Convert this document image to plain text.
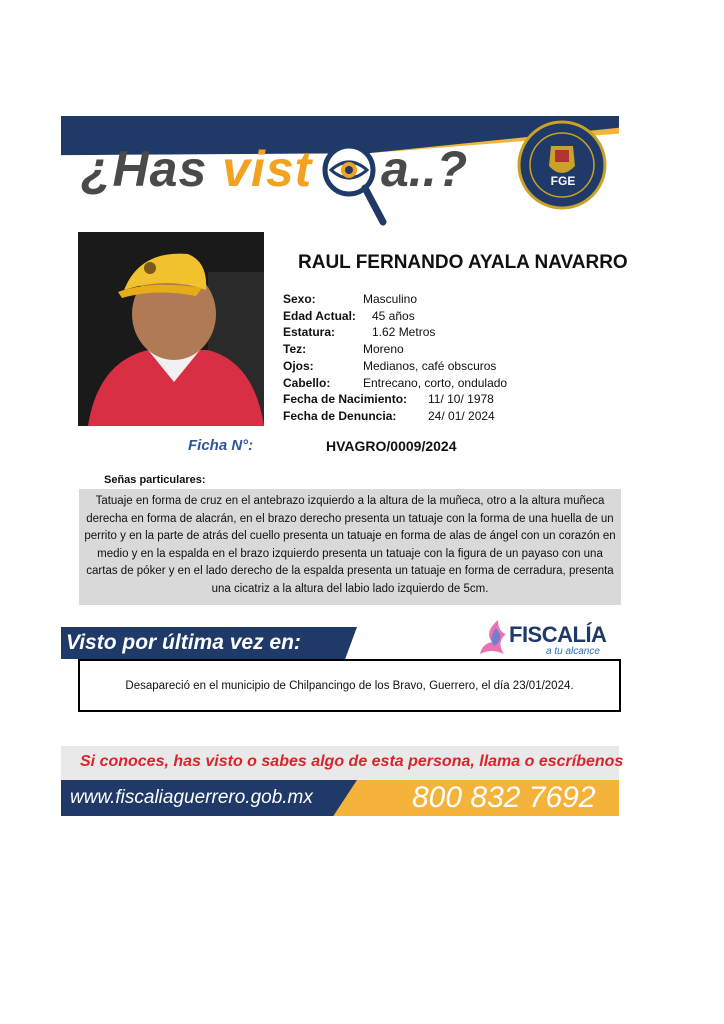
¿Has vist a..?	FGE
RAUL FERNANDO AYALA NAVARRO
Sexo:	Masculino
Edad Actual: 45 años
Estatura:	1.62 Metros
Tez:	Moreno
Ojos:	Medianos, café obscuros
Cabello:	Entrecano, corto, ondulado
Fecha de Nacimiento: 11/ 10/ 1978
Fecha de Denuncia:	24/ 01/ 2024
Ficha N°:	HVAGRO/0009/2024
Señas particulares:
Tatuaje en forma de cruz en el antebrazo izquierdo a la altura de la muñeca, otro a la altura muñeca derecha en forma de alacrán, en el brazo derecho presenta un tatuaje con la forma de una huella de un perrito y en la parte de atrás del cuello presenta un tatuaje en forma de alas de ángel con un corazón en medio y en la espalda en el brazo izquierdo presenta un tatuaje con la figura de un payaso con una cartas de póker y en el lado derecho de la espalda presenta un tatuaje en forma de cerradura, presenta una cicatriz a la altura del labio lado izquierdo de 5cm.
Visto por última vez en:	FISCALÍA
a tu alcance
Desapareció en el municipio de Chilpancingo de los Bravo, Guerrero, el día 23/01/2024.
Si conoces, has visto o sabes algo de esta persona, llama o escríbenos
www.fiscaliaguerrero.gob.mx	800 832 7692
